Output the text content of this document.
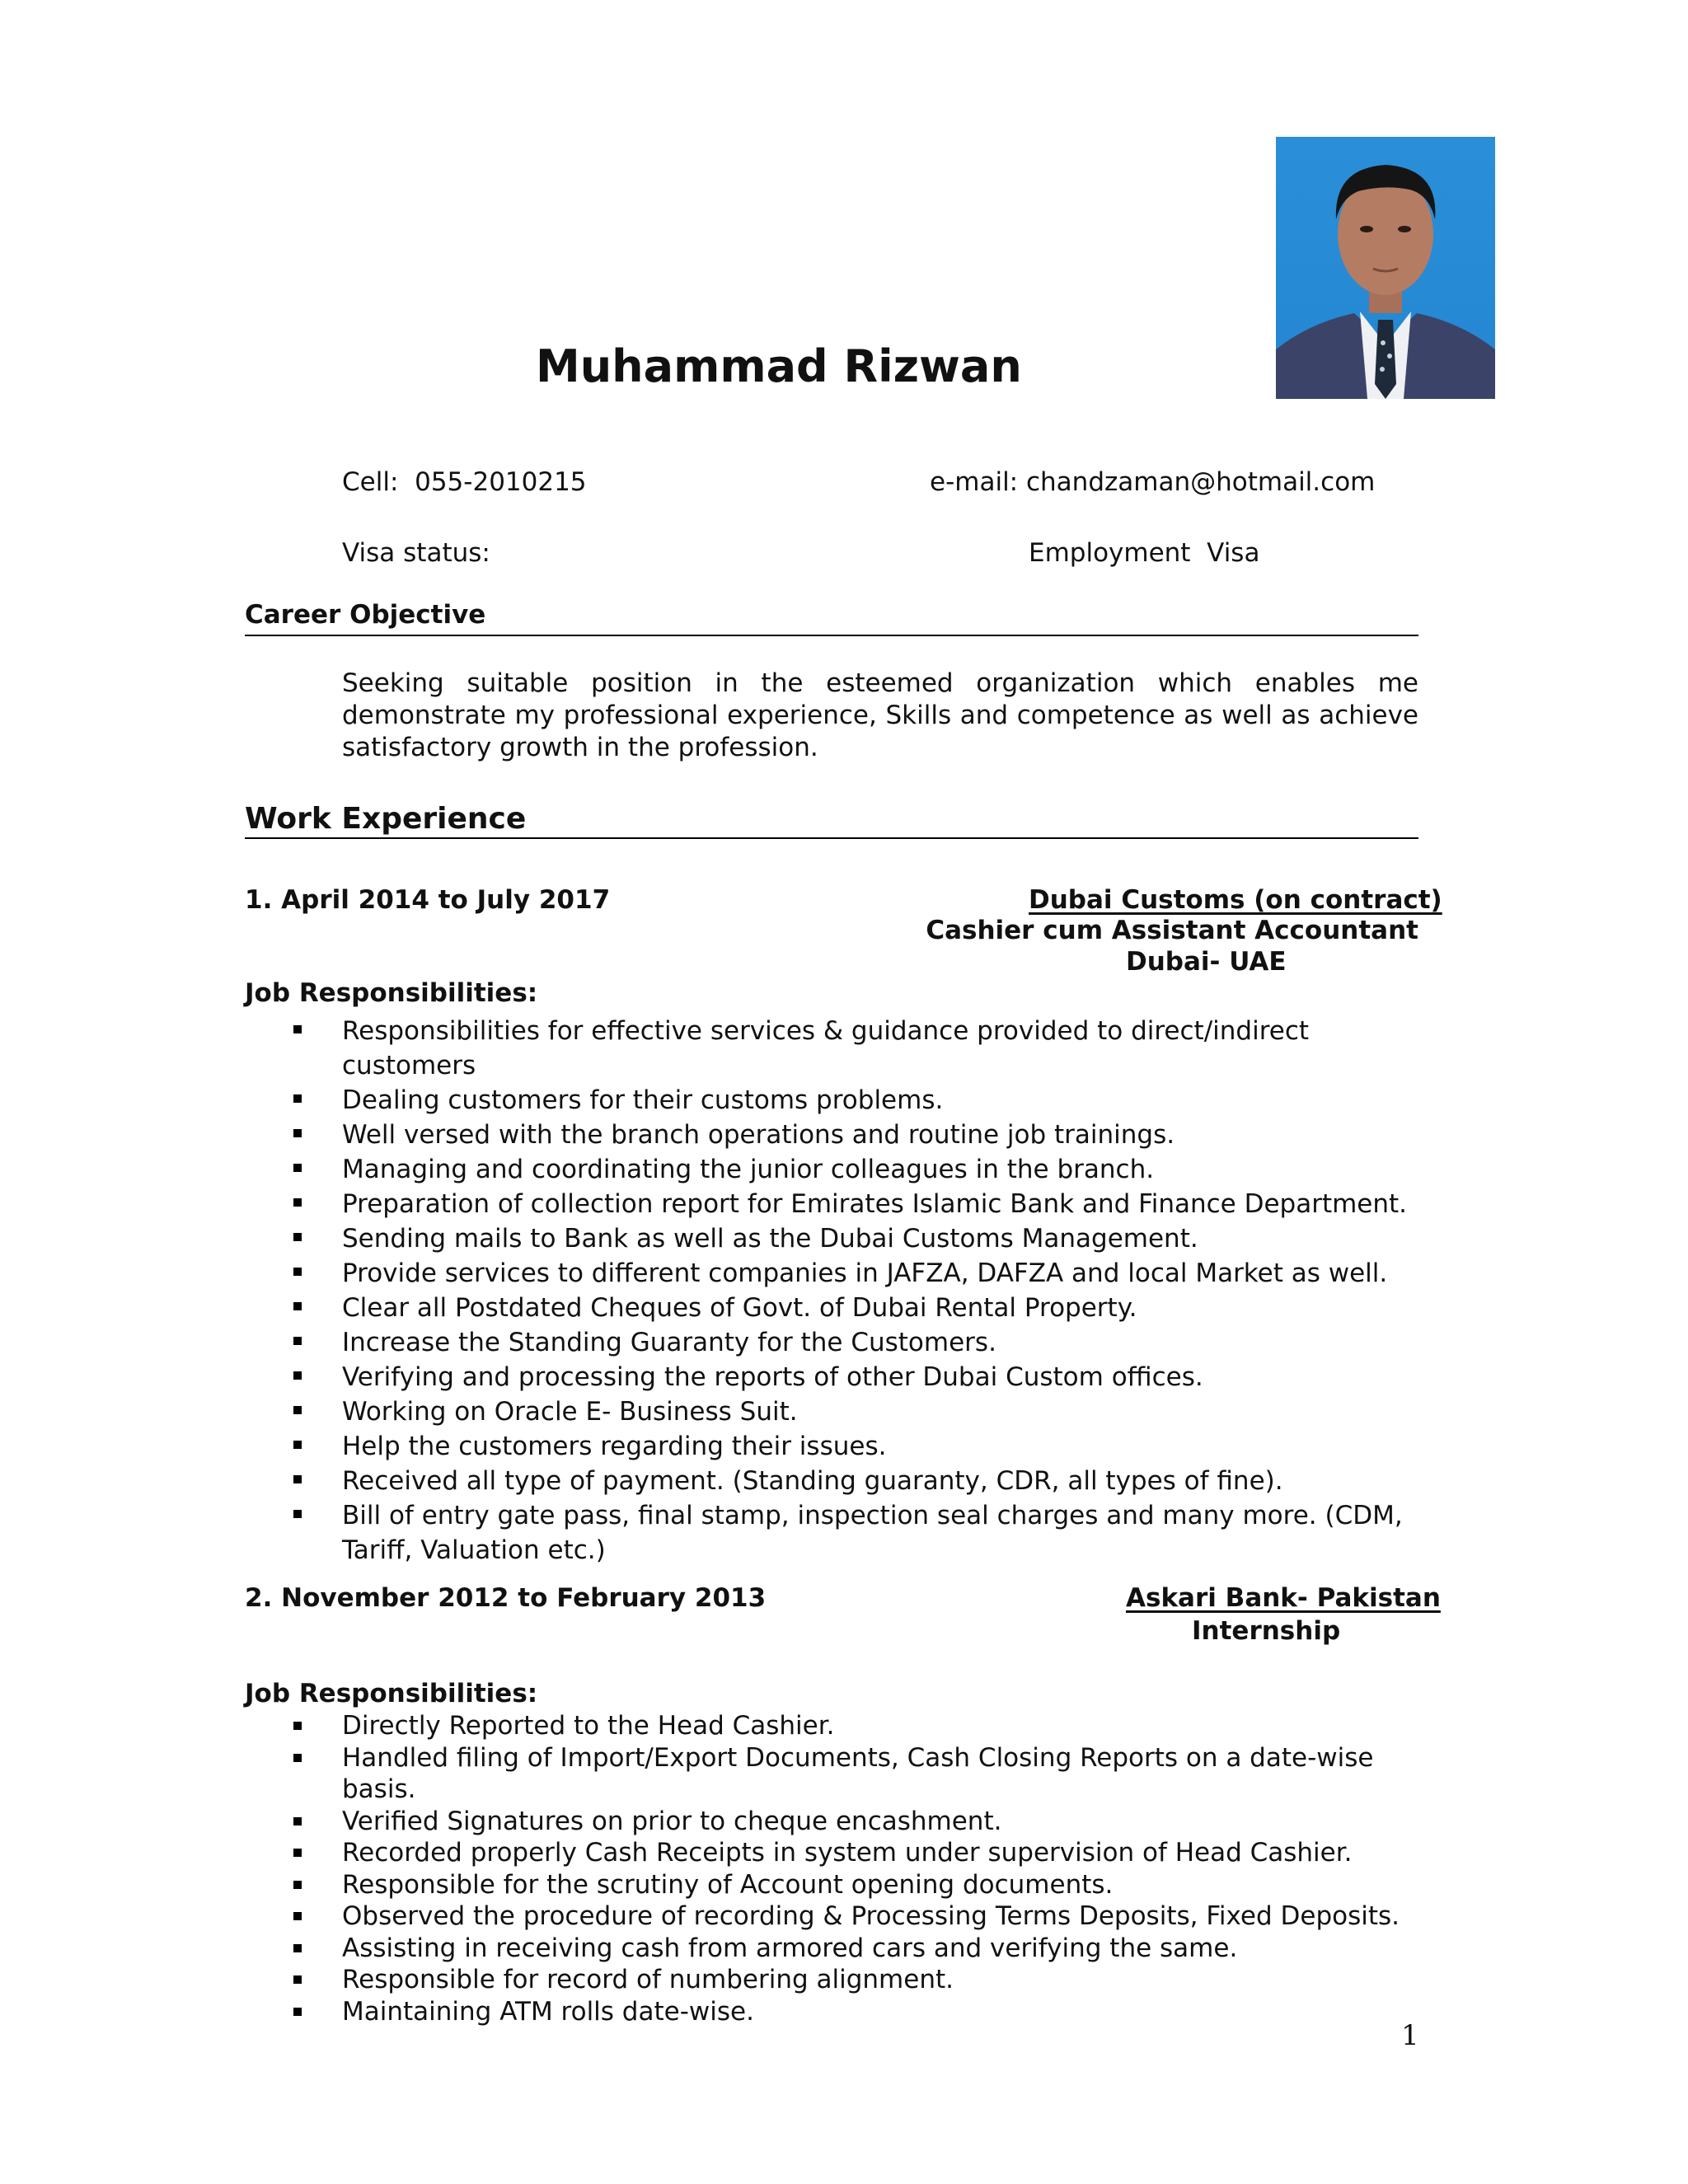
Muhammad Rizwan
Cell: 055-2010215	e-mail: chandzaman@hotmail.com
Visa status:	Employment  Visa
Career Objective
Seeking suitable position in the esteemed organization which enables me demonstrate my professional experience, Skills and competence as well as achieve satisfactory growth in the profession.
Work Experience
1. April 2014 to July 2017	Dubai Customs (on contract)
Cashier cum Assistant Accountant
Dubai- UAE
Job Responsibilities:
Responsibilities for effective services & guidance provided to direct/indirect customers
Dealing customers for their customs problems.
Well versed with the branch operations and routine job trainings.
Managing and coordinating the junior colleagues in the branch.
Preparation of collection report for Emirates Islamic Bank and Finance Department.
Sending mails to Bank as well as the Dubai Customs Management.
Provide services to different companies in JAFZA, DAFZA and local Market as well.
Clear all Postdated Cheques of Govt. of Dubai Rental Property.
Increase the Standing Guaranty for the Customers.
Verifying and processing the reports of other Dubai Custom offices.
Working on Oracle E- Business Suit.
Help the customers regarding their issues.
Received all type of payment. (Standing guaranty, CDR, all types of fine).
Bill of entry gate pass, final stamp, inspection seal charges and many more. (CDM, Tariff, Valuation etc.)
2. November 2012 to February 2013	Askari Bank- Pakistan
Internship
Job Responsibilities:
Directly Reported to the Head Cashier.
Handled filing of Import/Export Documents, Cash Closing Reports on a date-wise basis.
Verified Signatures on prior to cheque encashment.
Recorded properly Cash Receipts in system under supervision of Head Cashier.
Responsible for the scrutiny of Account opening documents.
Observed the procedure of recording & Processing Terms Deposits, Fixed Deposits.
Assisting in receiving cash from armored cars and verifying the same.
Responsible for record of numbering alignment.
Maintaining ATM rolls date-wise.
1
